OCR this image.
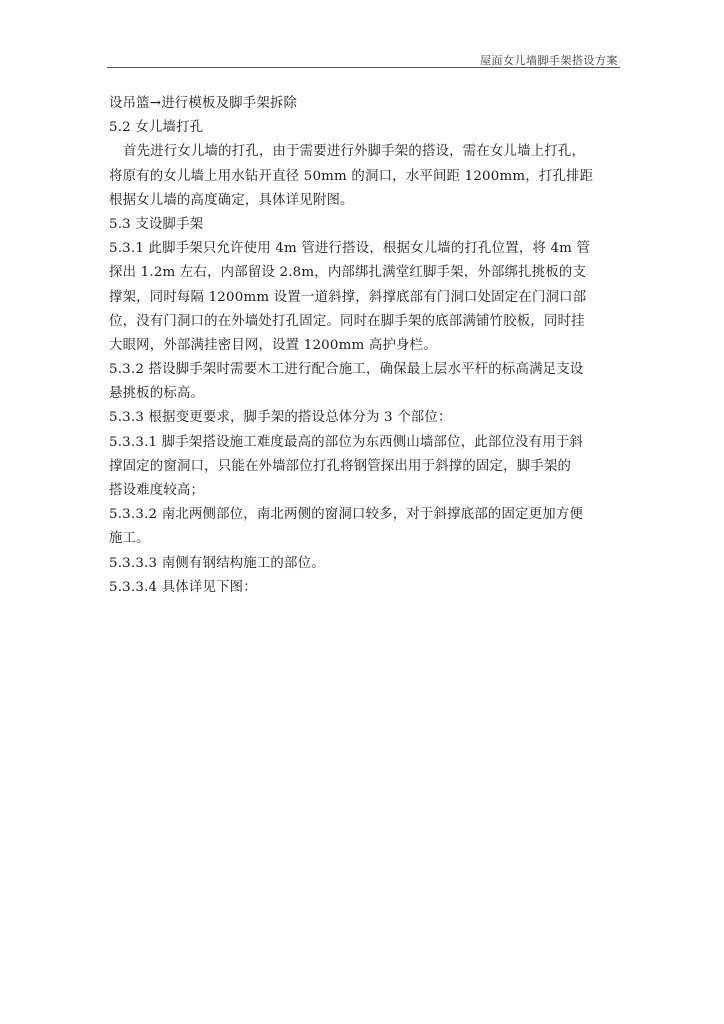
屋面女儿墙脚手架搭设方案
设吊篮→进行模板及脚手架拆除
5.2 女儿墙打孔
首先进行女儿墙的打孔，由于需要进行外脚手架的搭设，需在女儿墙上打孔，
将原有的女儿墙上用水钻开直径 50mm 的洞口，水平间距 1200mm，打孔排距
根据女儿墙的高度确定，具体详见附图。
5.3 支设脚手架
5.3.1 此脚手架只允许使用 4m 管进行搭设，根据女儿墙的打孔位置，将 4m 管
探出 1.2m 左右，内部留设 2.8m，内部绑扎满堂红脚手架，外部绑扎挑板的支
撑架，同时每隔 1200mm 设置一道斜撑，斜撑底部有门洞口处固定在门洞口部
位，没有门洞口的在外墙处打孔固定。同时在脚手架的底部满铺竹胶板，同时挂
大眼网，外部满挂密目网，设置 1200mm 高护身栏。
5.3.2 搭设脚手架时需要木工进行配合施工，确保最上层水平杆的标高满足支设
悬挑板的标高。
5.3.3 根据变更要求，脚手架的搭设总体分为 3 个部位：
5.3.3.1 脚手架搭设施工难度最高的部位为东西侧山墙部位，此部位没有用于斜
撑固定的窗洞口，只能在外墙部位打孔将钢管探出用于斜撑的固定，脚手架的
搭设难度较高；
5.3.3.2 南北两侧部位，南北两侧的窗洞口较多，对于斜撑底部的固定更加方便
施工。
5.3.3.3 南侧有钢结构施工的部位。
5.3.3.4 具体详见下图：
